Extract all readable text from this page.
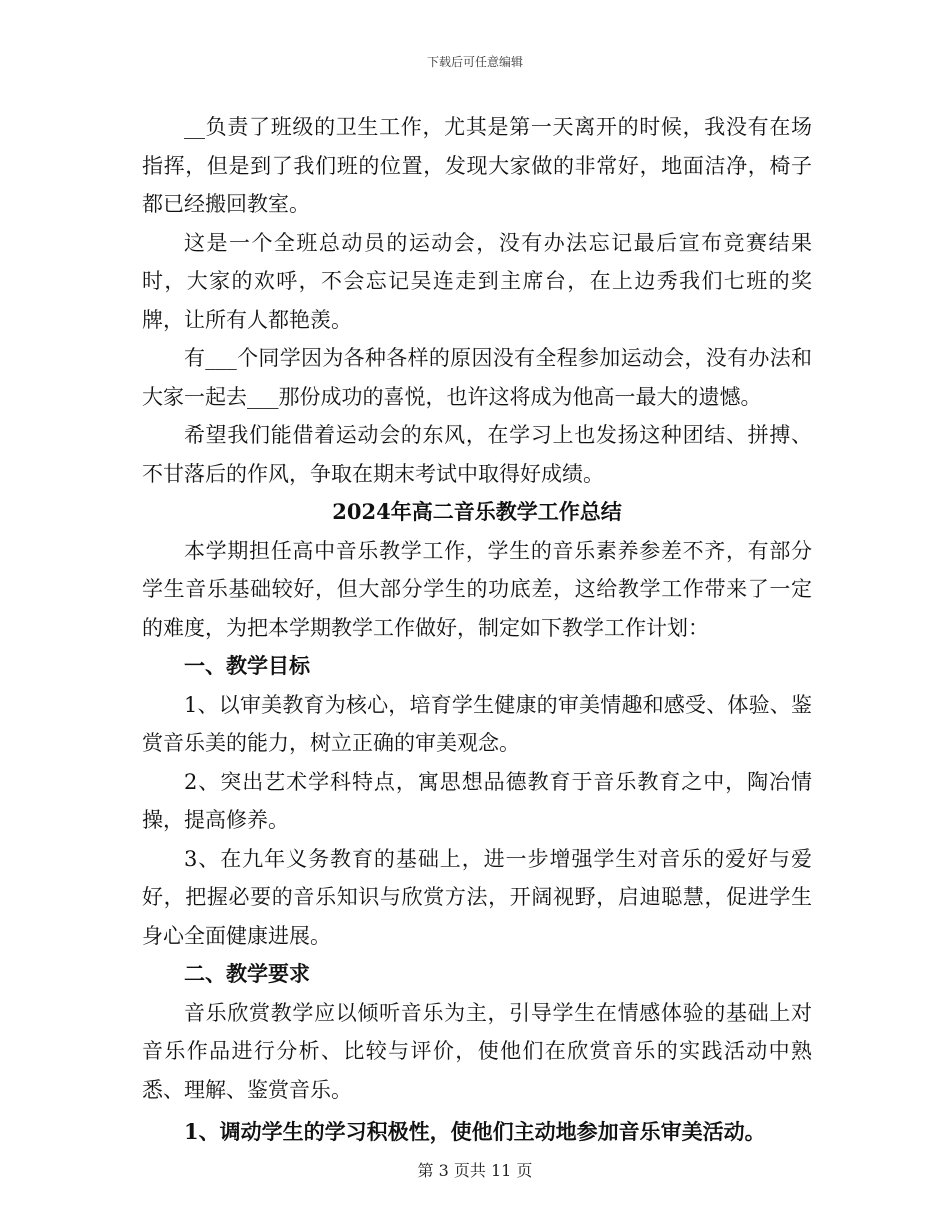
下载后可任意编辑

__负责了班级的卫生工作，尤其是第一天离开的时候，我没有在场指挥，但是到了我们班的位置，发现大家做的非常好，地面洁净，椅子都已经搬回教室。

这是一个全班总动员的运动会，没有办法忘记最后宣布竞赛结果时，大家的欢呼，不会忘记吴连走到主席台，在上边秀我们七班的奖牌，让所有人都艳羡。

有___个同学因为各种各样的原因没有全程参加运动会，没有办法和大家一起去___那份成功的喜悦，也许这将成为他高一最大的遗憾。

希望我们能借着运动会的东风，在学习上也发扬这种团结、拼搏、不甘落后的作风，争取在期末考试中取得好成绩。

2024年高二音乐教学工作总结

本学期担任高中音乐教学工作，学生的音乐素养参差不齐，有部分学生音乐基础较好，但大部分学生的功底差，这给教学工作带来了一定的难度，为把本学期教学工作做好，制定如下教学工作计划：

一、教学目标

1、以审美教育为核心，培育学生健康的审美情趣和感受、体验、鉴赏音乐美的能力，树立正确的审美观念。

2、突出艺术学科特点，寓思想品德教育于音乐教育之中，陶冶情操，提高修养。

3、在九年义务教育的基础上，进一步增强学生对音乐的爱好与爱好，把握必要的音乐知识与欣赏方法，开阔视野，启迪聪慧，促进学生身心全面健康进展。

二、教学要求

音乐欣赏教学应以倾听音乐为主，引导学生在情感体验的基础上对音乐作品进行分析、比较与评价，使他们在欣赏音乐的实践活动中熟悉、理解、鉴赏音乐。

1、调动学生的学习积极性，使他们主动地参加音乐审美活动。

第 3 页共 11 页
